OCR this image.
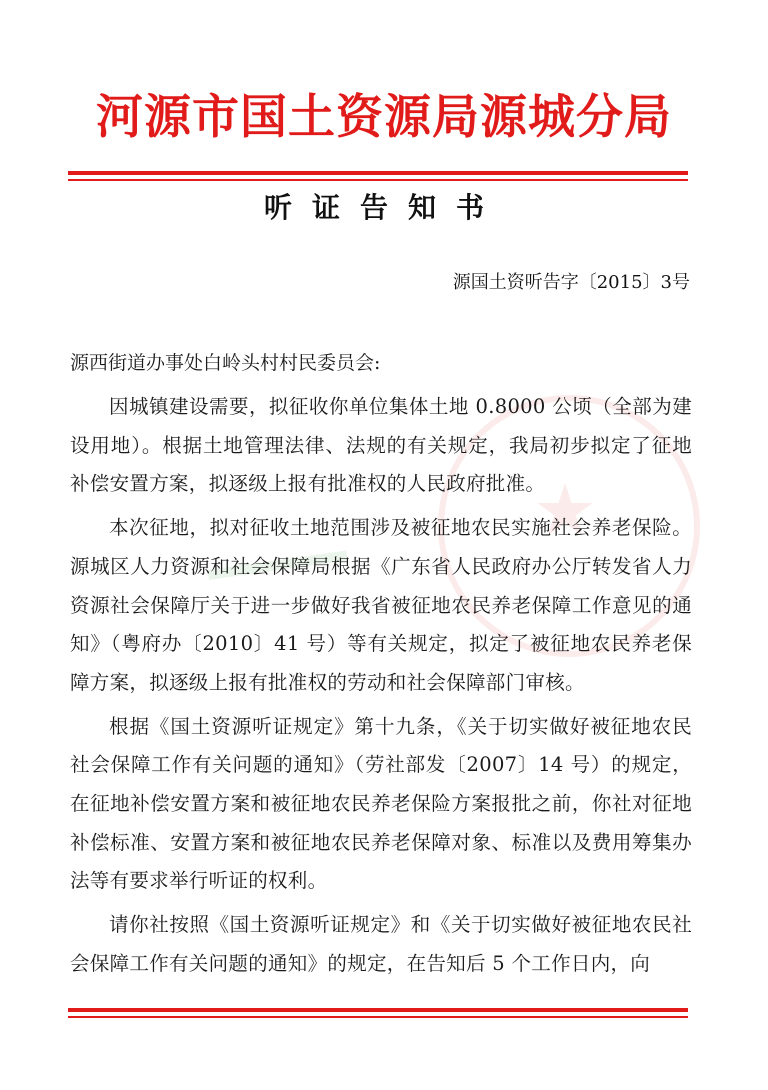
★
河源市国土资源局源城分局
听证告知书
源国土资听告字〔2015〕3号
源西街道办事处白岭头村村民委员会:

因城镇建设需要，拟征收你单位集体土地 0.8000 公顷（全部为建设用地）。根据土地管理法律、法规的有关规定，我局初步拟定了征地补偿安置方案，拟逐级上报有批准权的人民政府批准。

本次征地，拟对征收土地范围涉及被征地农民实施社会养老保险。源城区人力资源和社会保障局根据《广东省人民政府办公厅转发省人力资源社会保障厅关于进一步做好我省被征地农民养老保障工作意见的通知》（粤府办〔2010〕41 号）等有关规定，拟定了被征地农民养老保障方案，拟逐级上报有批准权的劳动和社会保障部门审核。

根据《国土资源听证规定》第十九条，《关于切实做好被征地农民社会保障工作有关问题的通知》（劳社部发〔2007〕14 号）的规定，在征地补偿安置方案和被征地农民养老保险方案报批之前，你社对征地补偿标准、安置方案和被征地农民养老保障对象、标准以及费用筹集办法等有要求举行听证的权利。

请你社按照《国土资源听证规定》和《关于切实做好被征地农民社会保障工作有关问题的通知》的规定，在告知后 5 个工作日内，向
